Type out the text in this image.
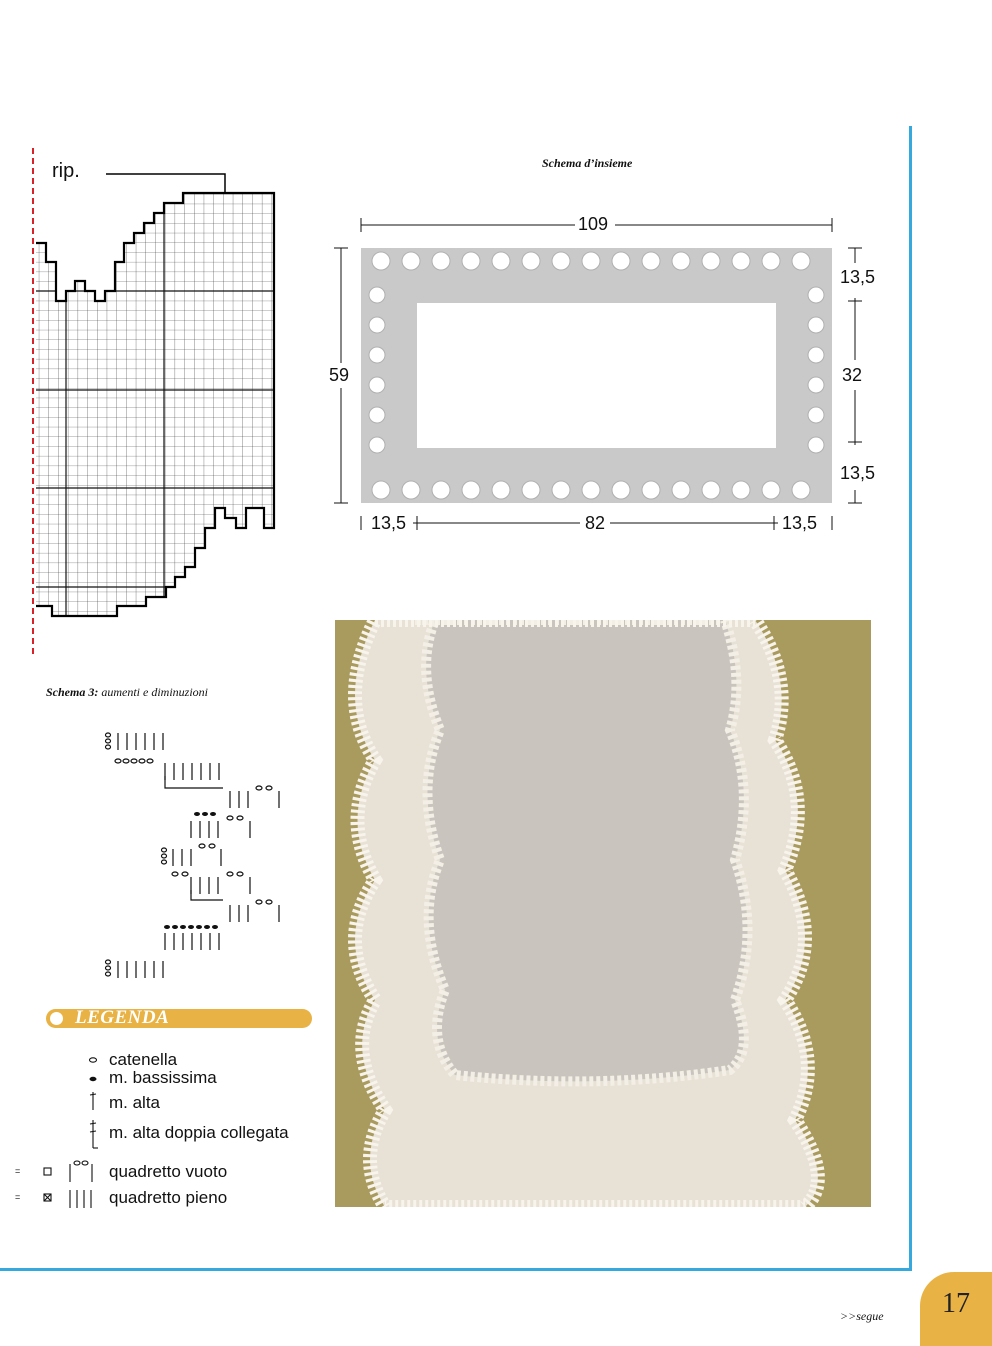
rip.	Schema d’insieme
109
59
13,5
32
13,5
13,5	82	13,5
Schema 3: aumenti e diminuzioni
LEGENDA
=
=
catenella
m. bassissima
m. alta
m. alta doppia collegata
quadretto vuoto
quadretto pieno
>>segue	17
